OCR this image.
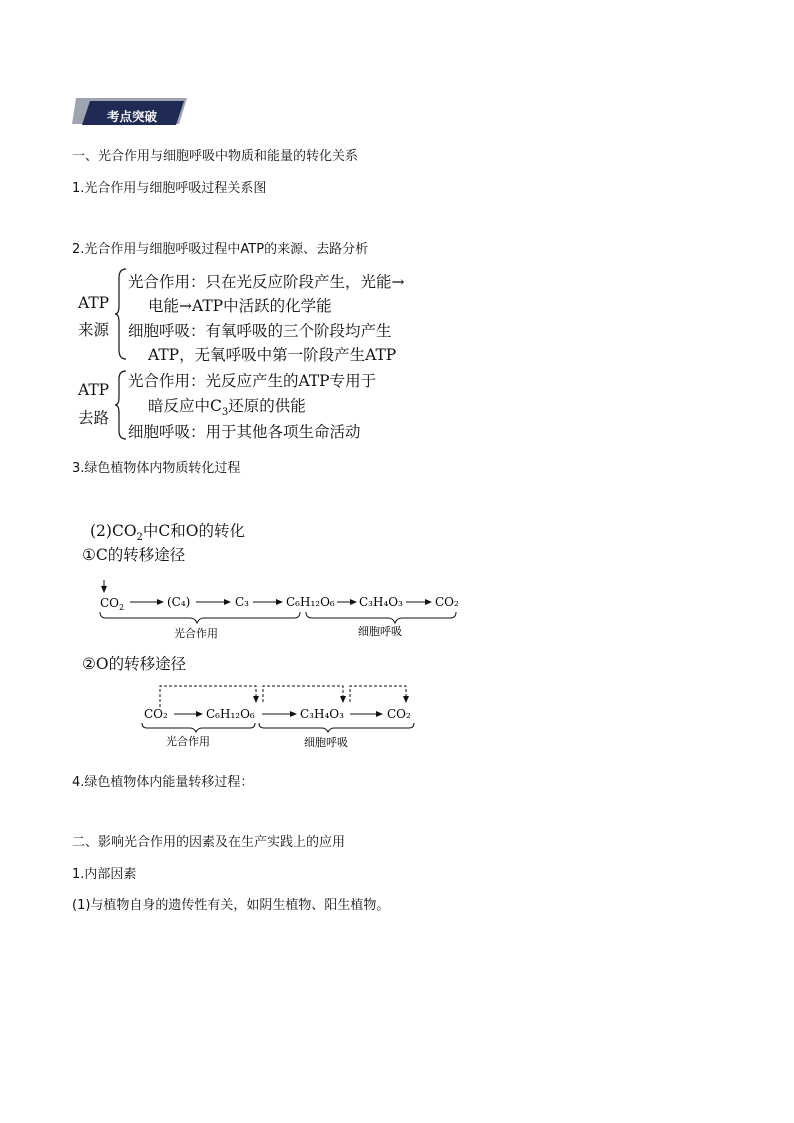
考点突破
一、光合作用与细胞呼吸中物质和能量的转化关系
1.光合作用与细胞呼吸过程关系图
2.光合作用与细胞呼吸过程中ATP的来源、去路分析
ATP
来源
光合作用：只在光反应阶段产生，光能→
电能→ATP中活跃的化学能
细胞呼吸：有氧呼吸的三个阶段均产生
ATP，无氧呼吸中第一阶段产生ATP
ATP
去路
光合作用：光反应产生的ATP专用于
暗反应中$C_3$还原的供能
细胞呼吸：用于其他各项生命活动
3.绿色植物体内物质转化过程
$(2)CO_2$中C和O的转化
①C的转移途径
$CO_2$	(C₄)	C₃	C₆H₁₂O₆ C₃H₄O₃	CO₂
光合作用	细胞呼吸
②O的转移途径
CO₂	C₆H₁₂O₆	C₃H₄O₃	CO₂
光合作用	细胞呼吸
4.绿色植物体内能量转移过程：
二、影响光合作用的因素及在生产实践上的应用
1.内部因素
(1)与植物自身的遗传性有关，如阴生植物、阳生植物。
